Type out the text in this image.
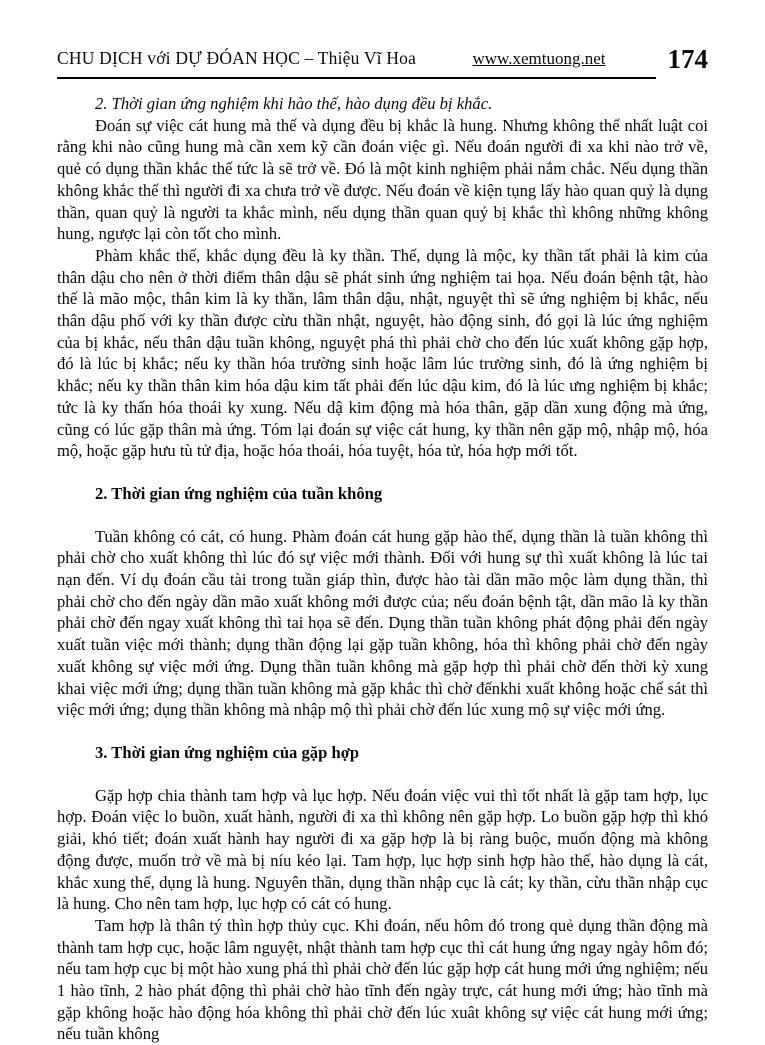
CHU DỊCH với DỰ ĐÓAN HỌC – Thiệu Vĩ Hoa	www.xemtuong.net 174

2. Thời gian ứng nghiệm khi hào thế, hào dụng đều bị khắc.

Đoán sự việc cát hung mà thế và dụng đều bị khắc là hung. Nhưng không thể nhất luật coi rằng khi nào cũng hung mà cần xem kỹ cần đoán việc gì. Nếu đoán người đi xa khi nào trở về, quẻ có dụng thần khắc thế tức là sẽ trở về. Đó là một kinh nghiệm phải nắm chắc. Nếu dụng thần không khắc thế thì người đi xa chưa trở về được. Nếu đoán về kiện tụng lấy hào quan quỷ là dụng thần, quan quỷ là người ta khắc mình, nếu dụng thần quan quỷ bị khắc thì không những không hung, ngược lại còn tốt cho mình.

Phàm khắc thế, khắc dụng đều là ky thần. Thế, dụng là mộc, ky thần tất phải là kim của thân dậu cho nên ở thời điểm thân dậu sẽ phát sinh ứng nghiệm tai họa. Nếu đoán bệnh tật, hào thế là mão mộc, thân kim là ky thần, lâm thân dậu, nhật, nguyệt thì sẽ ứng nghiệm bị khắc, nếu thân dậu phố với ky thần được cừu thần nhật, nguyệt, hào động sinh, đó gọi là lúc ứng nghiệm của bị khắc, nếu thân dậu tuần không, nguyệt phá thì phải chờ cho đến lúc xuất không gặp hợp, đó là lúc bị khắc; nếu ky thần hóa trường sinh hoặc lâm lúc trường sinh, đó là ứng nghiệm bị khắc; nếu ky thần thân kim hóa dậu kim tất phải đến lúc dậu kim, đó là lúc ưng nghiệm bị khắc; tức là ky thấn hóa thoái ky xung. Nếu dậ kim động mà hóa thân, gặp dần xung động mà ứng, cũng có lúc gặp thân mà ứng. Tóm lại đoán sự việc cát hung, ky thần nên gặp mộ, nhập mộ, hóa mộ, hoặc gặp hưu tù tử địa, hoặc hóa thoái, hóa tuyệt, hóa tử, hóa hợp mới tốt.

2. Thời gian ứng nghiệm của tuần không

Tuần không có cát, có hung. Phàm đoán cát hung gặp hào thế, dụng thần là tuần không thì phải chờ cho xuất không thì lúc đó sự việc mới thành. Đối với hung sự thì xuất không là lúc tai nạn đến. Ví dụ đoán cầu tài trong tuần giáp thìn, được hào tài dần mão mộc làm dụng thần, thì phải chờ cho đến ngày dần mão xuất không mới được của; nếu đoán bệnh tật, dần mão là ky thần phải chờ đến ngay xuất không thì tai họa sẽ đến. Dụng thần tuần không phát động phải đến ngày xuất tuần việc mới thành; dụng thần động lại gặp tuần không, hóa thì không phải chờ đến ngày xuất không sự việc mới ứng. Dụng thần tuần không mà gặp hợp thì phải chờ đến thời kỳ xung khai việc mới ứng; dụng thần tuần không mà gặp khắc thì chờ đếnkhi xuất không hoặc chế sát thì việc mới ứng; dụng thần không mà nhập mộ thì phải chờ đến lúc xung mộ sự việc mới ứng.

3. Thời gian ứng nghiệm của gặp hợp

Gặp hợp chia thành tam hợp và lục hợp. Nếu đoán việc vui thì tốt nhất là gặp tam hợp, lục hợp. Đoán việc lo buồn, xuất hành, người đi xa thì không nên gặp hợp. Lo buồn gặp hợp thì khó giải, khó tiết; đoán xuất hành hay người đi xa gặp hợp là bị ràng buộc, muốn động mà không động được, muốn trở về mà bị níu kéo lại. Tam hợp, lục hợp sinh hợp hào thế, hào dụng là cát, khắc xung thế, dụng là hung. Nguyên thần, dụng thần nhập cục là cát; ky thần, cừu thần nhập cục là hung. Cho nên tam hợp, lục hợp có cát có hung.

Tam hợp là thân tý thìn hợp thủy cục. Khi đoán, nếu hôm đó trong quẻ dụng thần động mà thành tam hợp cục, hoặc lâm nguyệt, nhật thành tam hợp cục thì cát hung ứng ngay ngày hôm đó; nếu tam hợp cục bị một hào xung phá thì phải chờ đến lúc gặp hợp cát hung mới ứng nghiệm; nếu 1 hào tĩnh, 2 hào phát động thì phải chờ hào tĩnh đến ngày trực, cát hung mới ứng; hào tĩnh mà gặp không hoặc hào động hóa không thì phải chờ đến lúc xuât không sự việc cát hung mới ứng; nếu tuần không
